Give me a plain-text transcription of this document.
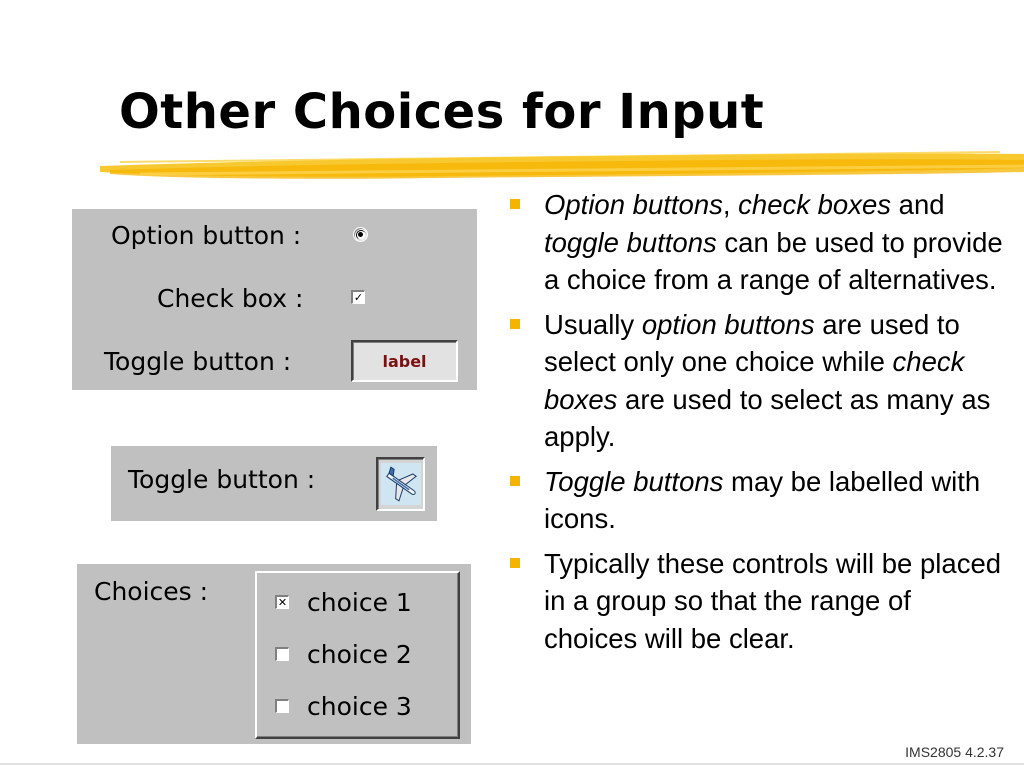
Other Choices for Input
Option button :
Check box :	✓
Toggle button :	label
Toggle button :
Choices :	✕ choice 1
choice 2
choice 3
Option buttons, check boxes and toggle buttons can be used to provide a choice from a range of alternatives.
Usually option buttons are used to select only one choice while check boxes are used to select as many as apply.
Toggle buttons may be labelled with icons.
Typically these controls will be placed in a group so that the range of choices will be clear.
IMS2805 4.2.37
